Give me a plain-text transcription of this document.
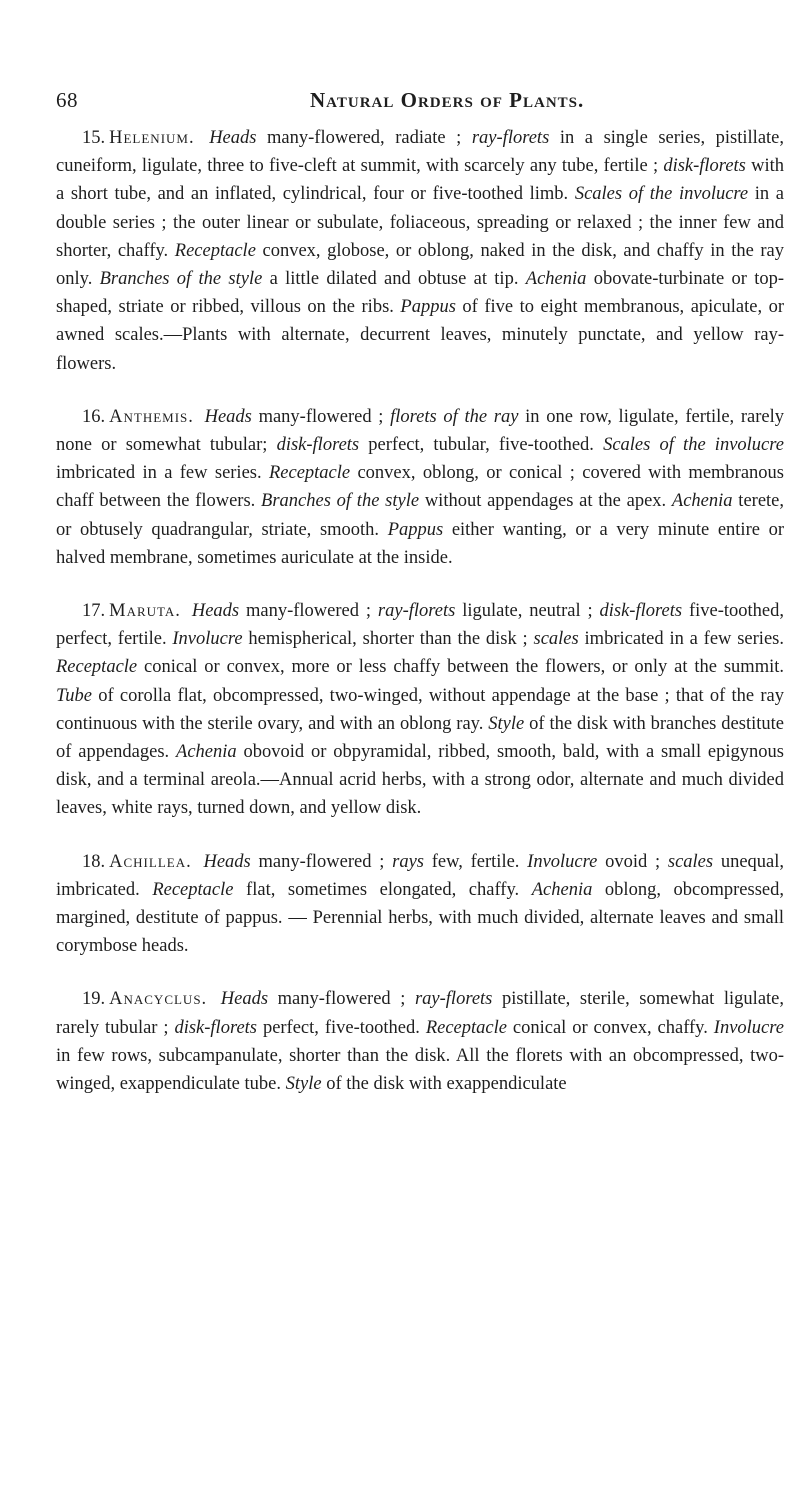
68	Natural Orders of Plants.

15. Helenium. Heads many-flowered, radiate ; ray-florets in a single series, pistillate, cuneiform, ligulate, three to five-cleft at summit, with scarcely any tube, fertile ; disk-florets with a short tube, and an inflated, cylindrical, four or five-toothed limb. Scales of the involucre in a double series ; the outer linear or subulate, foliaceous, spreading or relaxed ; the inner few and shorter, chaffy. Receptacle convex, globose, or oblong, naked in the disk, and chaffy in the ray only. Branches of the style a little dilated and obtuse at tip. Achenia obovate-turbinate or top-shaped, striate or ribbed, villous on the ribs. Pappus of five to eight membranous, apiculate, or awned scales.—Plants with alternate, decurrent leaves, minutely punctate, and yellow ray-flowers.

16. Anthemis. Heads many-flowered ; florets of the ray in one row, ligulate, fertile, rarely none or somewhat tubular; disk-florets perfect, tubular, five-toothed. Scales of the involucre imbricated in a few series. Receptacle convex, oblong, or conical ; covered with membranous chaff between the flowers. Branches of the style without appendages at the apex. Achenia terete, or obtusely quadrangular, striate, smooth. Pappus either wanting, or a very minute entire or halved membrane, sometimes auriculate at the inside.

17. Maruta. Heads many-flowered ; ray-florets ligulate, neutral ; disk-florets five-toothed, perfect, fertile. Involucre hemispherical, shorter than the disk ; scales imbricated in a few series. Receptacle conical or convex, more or less chaffy between the flowers, or only at the summit. Tube of corolla flat, obcompressed, two-winged, without appendage at the base ; that of the ray continuous with the sterile ovary, and with an oblong ray. Style of the disk with branches destitute of appendages. Achenia obovoid or obpyramidal, ribbed, smooth, bald, with a small epigynous disk, and a terminal areola.—Annual acrid herbs, with a strong odor, alternate and much divided leaves, white rays, turned down, and yellow disk.

18. Achillea. Heads many-flowered ; rays few, fertile. Involucre ovoid ; scales unequal, imbricated. Receptacle flat, sometimes elongated, chaffy. Achenia oblong, obcompressed, margined, destitute of pappus. — Perennial herbs, with much divided, alternate leaves and small corymbose heads.

19. Anacyclus. Heads many-flowered ; ray-florets pistillate, sterile, somewhat ligulate, rarely tubular ; disk-florets perfect, five-toothed. Receptacle conical or convex, chaffy. Involucre in few rows, subcampanulate, shorter than the disk. All the florets with an obcompressed, two-winged, exappendiculate tube. Style of the disk with exappendiculate
